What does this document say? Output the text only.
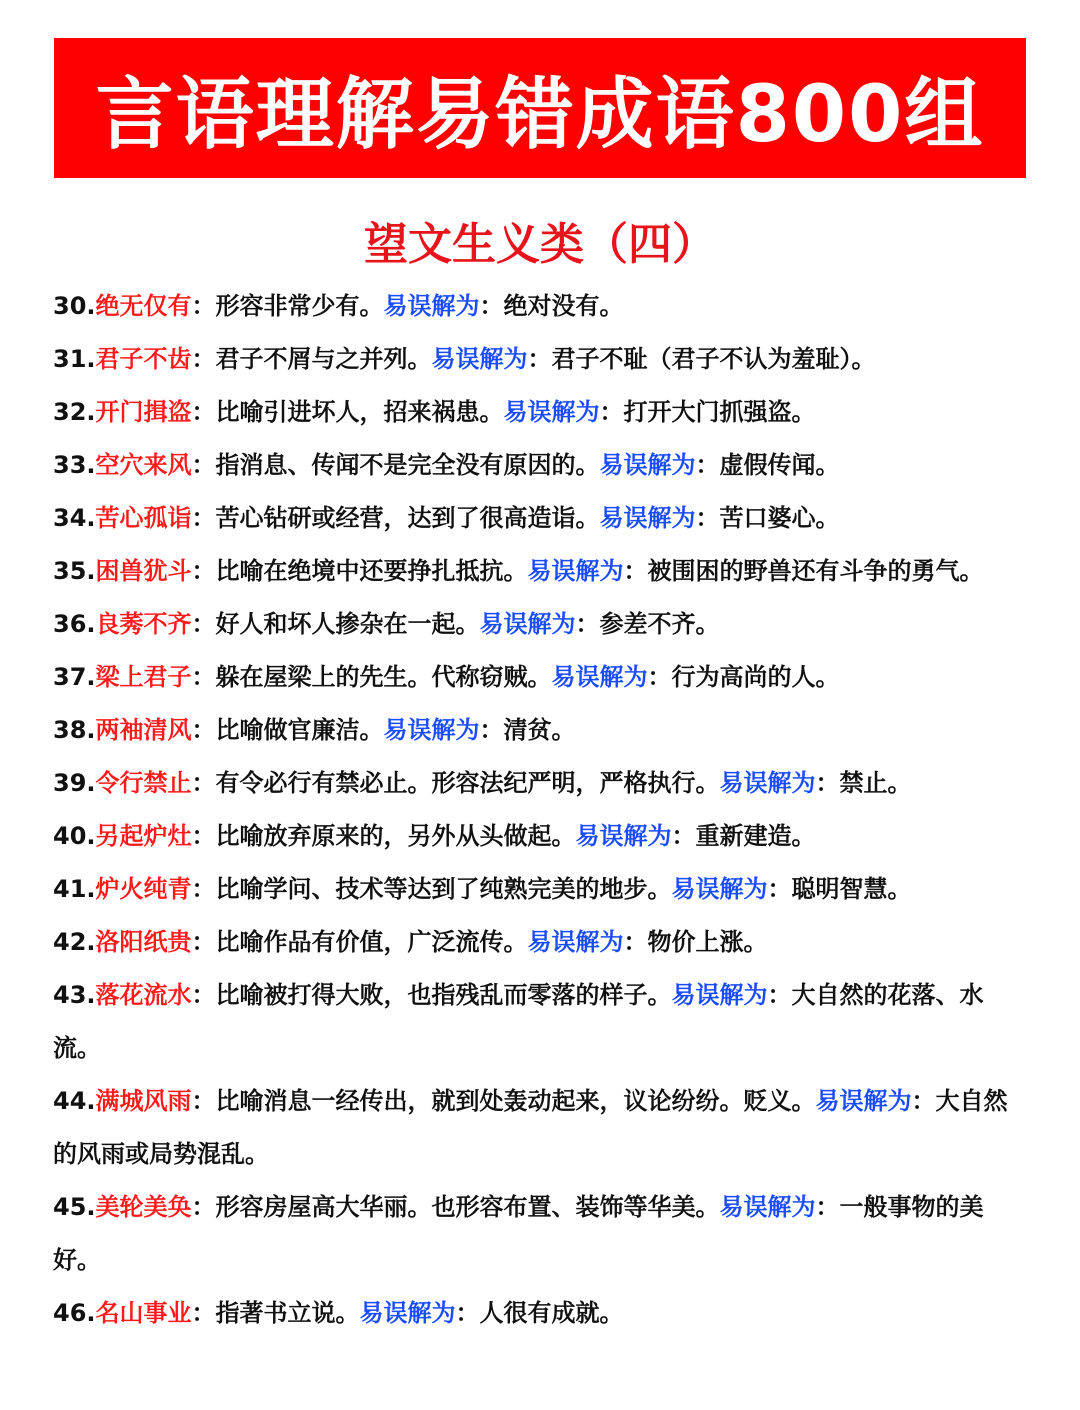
言语理解易错成语800组
望文生义类（四）

30.绝无仅有：形容非常少有。易误解为：绝对没有。

31.君子不齿：君子不屑与之并列。易误解为：君子不耻（君子不认为羞耻）。

32.开门揖盗：比喻引进坏人，招来祸患。易误解为：打开大门抓强盗。

33.空穴来风：指消息、传闻不是完全没有原因的。易误解为：虚假传闻。

34.苦心孤诣：苦心钻研或经营，达到了很高造诣。易误解为：苦口婆心。

35.困兽犹斗：比喻在绝境中还要挣扎抵抗。易误解为：被围困的野兽还有斗争的勇气。

36.良莠不齐：好人和坏人掺杂在一起。易误解为：参差不齐。

37.梁上君子：躲在屋梁上的先生。代称窃贼。易误解为：行为高尚的人。

38.两袖清风：比喻做官廉洁。易误解为：清贫。

39.令行禁止：有令必行有禁必止。形容法纪严明，严格执行。易误解为：禁止。

40.另起炉灶：比喻放弃原来的，另外从头做起。易误解为：重新建造。

41.炉火纯青：比喻学问、技术等达到了纯熟完美的地步。易误解为：聪明智慧。

42.洛阳纸贵：比喻作品有价值，广泛流传。易误解为：物价上涨。

43.落花流水：比喻被打得大败，也指残乱而零落的样子。易误解为：大自然的花落、水流。

44.满城风雨：比喻消息一经传出，就到处轰动起来，议论纷纷。贬义。易误解为：大自然的风雨或局势混乱。

45.美轮美奂：形容房屋高大华丽。也形容布置、装饰等华美。易误解为：一般事物的美好。

46.名山事业：指著书立说。易误解为：人很有成就。
